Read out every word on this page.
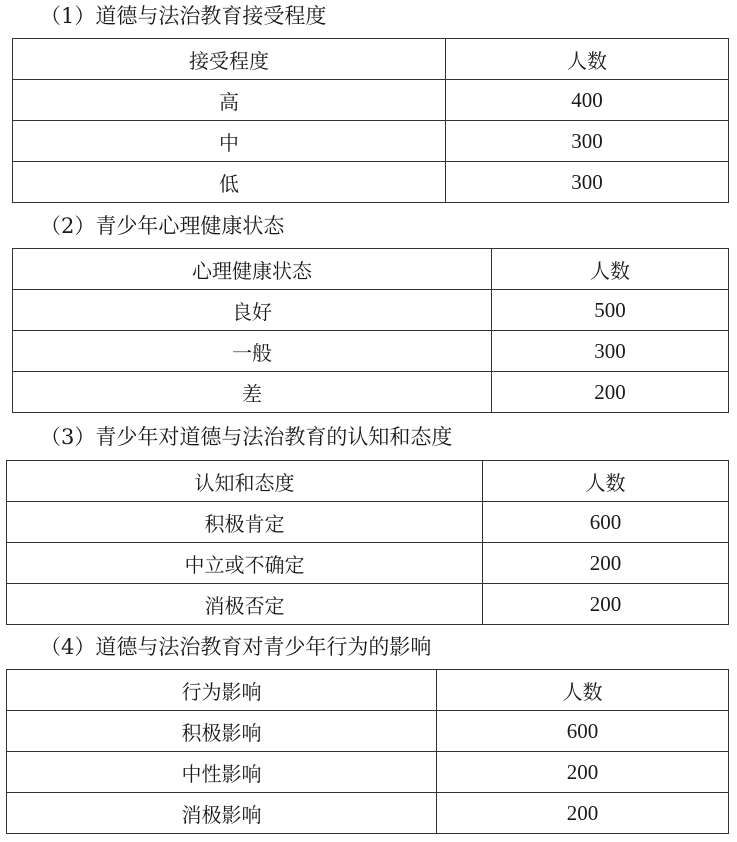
（1）道德与法治教育接受程度
接受程度	人数
高	400
中	300
低	300
（2）青少年心理健康状态
心理健康状态	人数
良好	500
一般	300
差	200
（3）青少年对道德与法治教育的认知和态度
认知和态度	人数
积极肯定	600
中立或不确定	200
消极否定	200
（4）道德与法治教育对青少年行为的影响
行为影响	人数
积极影响	600
中性影响	200
消极影响	200
